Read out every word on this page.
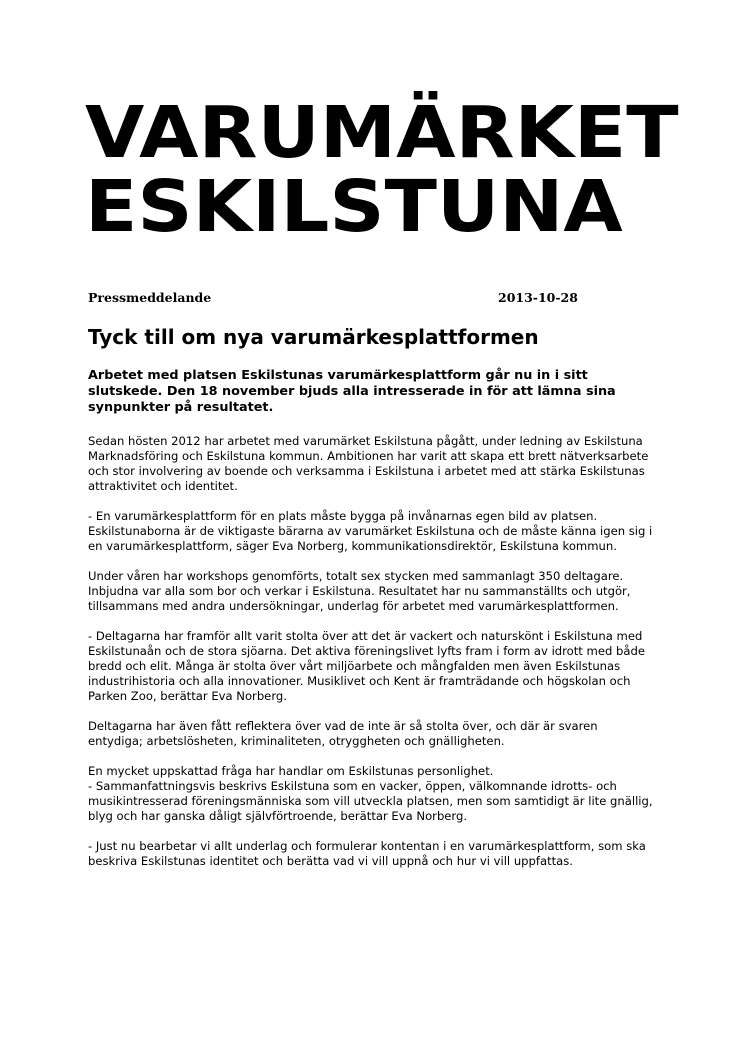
VARUMÄRKET
ESKILSTUNA
Pressmeddelande	2013-10-28
Tyck till om nya varumärkesplattformen

Arbetet med platsen Eskilstunas varumärkesplattform går nu in i sitt slutskede. Den 18 november bjuds alla intresserade in för att lämna sina synpunkter på resultatet.

Sedan hösten 2012 har arbetet med varumärket Eskilstuna pågått, under ledning av Eskilstuna Marknadsföring och Eskilstuna kommun. Ambitionen har varit att skapa ett brett nätverksarbete och stor involvering av boende och verksamma i Eskilstuna i arbetet med att stärka Eskilstunas attraktivitet och identitet.

- En varumärkesplattform för en plats måste bygga på invånarnas egen bild av platsen. Eskilstunaborna är de viktigaste bärarna av varumärket Eskilstuna och de måste känna igen sig i en varumärkesplattform, säger Eva Norberg, kommunikationsdirektör, Eskilstuna kommun.

Under våren har workshops genomförts, totalt sex stycken med sammanlagt 350 deltagare. Inbjudna var alla som bor och verkar i Eskilstuna. Resultatet har nu sammanställts och utgör, tillsammans med andra undersökningar, underlag för arbetet med varumärkesplattformen.

- Deltagarna har framför allt varit stolta över att det är vackert och naturskönt i Eskilstuna med Eskilstunaån och de stora sjöarna. Det aktiva föreningslivet lyfts fram i form av idrott med både bredd och elit. Många är stolta över vårt miljöarbete och mångfalden men även Eskilstunas industrihistoria och alla innovationer. Musiklivet och Kent är framträdande och högskolan och Parken Zoo, berättar Eva Norberg.

Deltagarna har även fått reflektera över vad de inte är så stolta över, och där är svaren entydiga; arbetslösheten, kriminaliteten, otryggheten och gnälligheten.

En mycket uppskattad fråga har handlar om Eskilstunas personlighet.

- Sammanfattningsvis beskrivs Eskilstuna som en vacker, öppen, välkomnande idrotts- och musikintresserad föreningsmänniska som vill utveckla platsen, men som samtidigt är lite gnällig, blyg och har ganska dåligt självförtroende, berättar Eva Norberg.

- Just nu bearbetar vi allt underlag och formulerar kontentan i en varumärkesplattform, som ska beskriva Eskilstunas identitet och berätta vad vi vill uppnå och hur vi vill uppfattas.
